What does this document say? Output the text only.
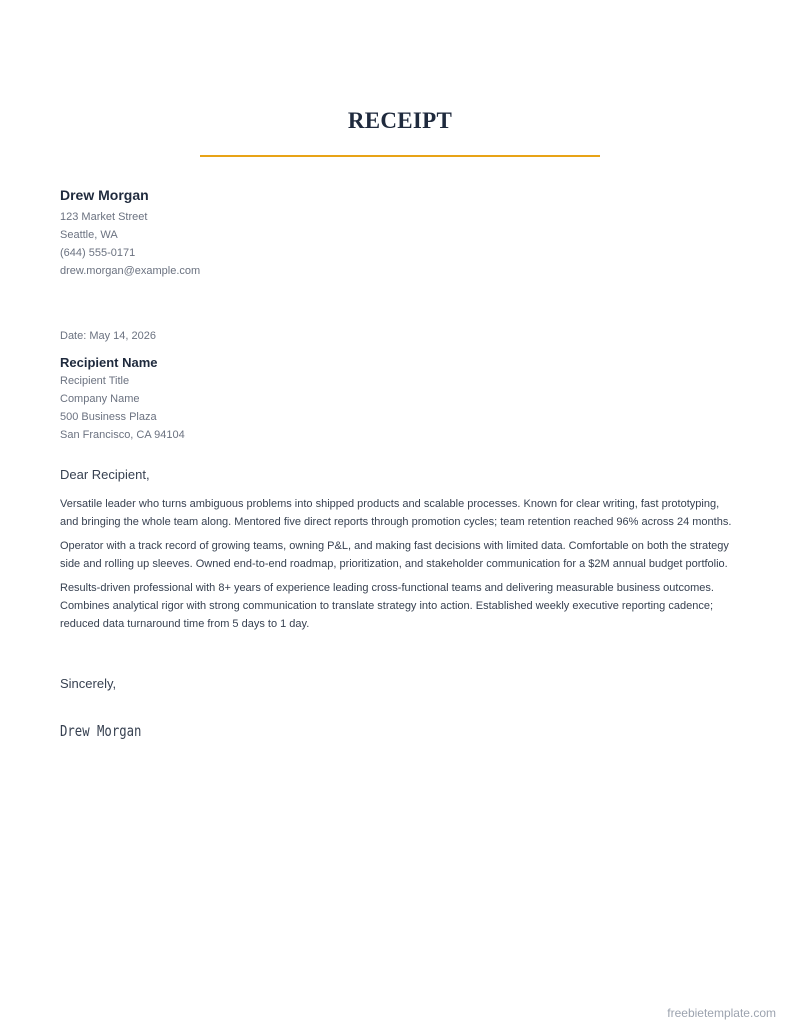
RECEIPT
Drew Morgan
123 Market Street
Seattle, WA
(644) 555-0171
drew.morgan@example.com
Date: May 14, 2026
Recipient Name
Recipient Title
Company Name
500 Business Plaza
San Francisco, CA 94104
Dear Recipient,

Versatile leader who turns ambiguous problems into shipped products and scalable processes. Known for clear writing, fast prototyping, and bringing the whole team along. Mentored five direct reports through promotion cycles; team retention reached 96% across 24 months.

Operator with a track record of growing teams, owning P&L, and making fast decisions with limited data. Comfortable on both the strategy side and rolling up sleeves. Owned end-to-end roadmap, prioritization, and stakeholder communication for a $2M annual budget portfolio.

Results-driven professional with 8+ years of experience leading cross-functional teams and delivering measurable business outcomes. Combines analytical rigor with strong communication to translate strategy into action. Established weekly executive reporting cadence; reduced data turnaround time from 5 days to 1 day.

Sincerely,
Drew Morgan
freebietemplate.com
